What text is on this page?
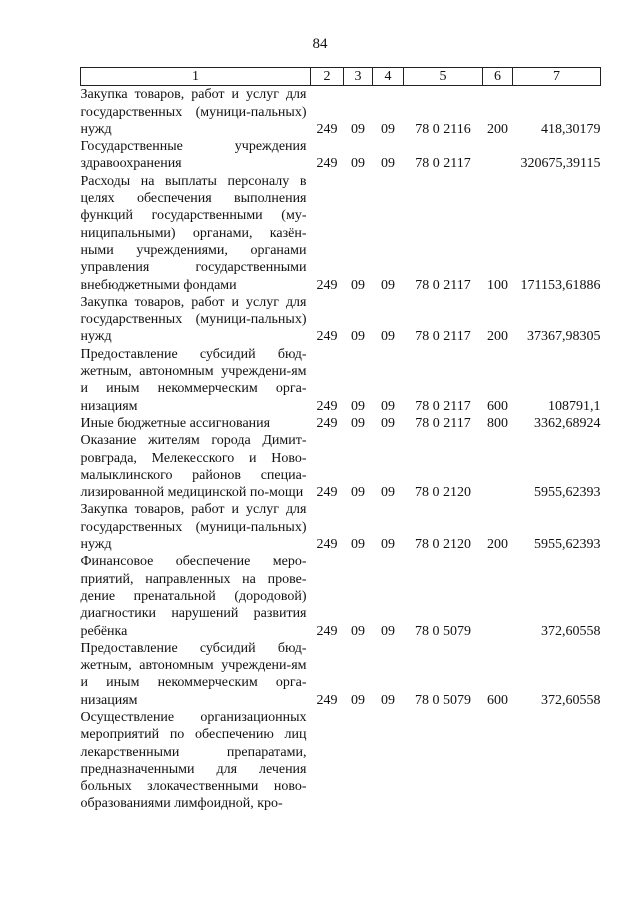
84
1	2	3	4	5	6	7
Закупка товаров, работ и услуг для государственных (муници-пальных) нужд	249	09	09	78 0 2116	200	418,30179
Государственные учреждения здравоохранения	249	09	09	78 0 2117		320675,39115
Расходы на выплаты персоналу в целях обеспечения выполнения функций государственными (му-ниципальными) органами, казён-ными учреждениями, органами управления государственными внебюджетными фондами	249	09	09	78 0 2117	100	171153,61886
Закупка товаров, работ и услуг для государственных (муници-пальных) нужд	249	09	09	78 0 2117	200	37367,98305
Предоставление субсидий бюд-жетным, автономным учреждени-ям и иным некоммерческим орга-низациям	249	09	09	78 0 2117	600	108791,1
Иные бюджетные ассигнования	249	09	09	78 0 2117	800	3362,68924
Оказание жителям города Димит-ровграда, Мелекесского и Ново-малыклинского районов специа-лизированной медицинской по-мощи	249	09	09	78 0 2120		5955,62393
Закупка товаров, работ и услуг для государственных (муници-пальных) нужд	249	09	09	78 0 2120	200	5955,62393
Финансовое обеспечение меро-приятий, направленных на прове-дение пренатальной (дородовой) диагностики нарушений развития ребёнка	249	09	09	78 0 5079		372,60558
Предоставление субсидий бюд-жетным, автономным учреждени-ям и иным некоммерческим орга-низациям	249	09	09	78 0 5079	600	372,60558
Осуществление организационных мероприятий по обеспечению лиц лекарственными препаратами, предназначенными для лечения больных злокачественными ново-образованиями лимфоидной, кро-						
